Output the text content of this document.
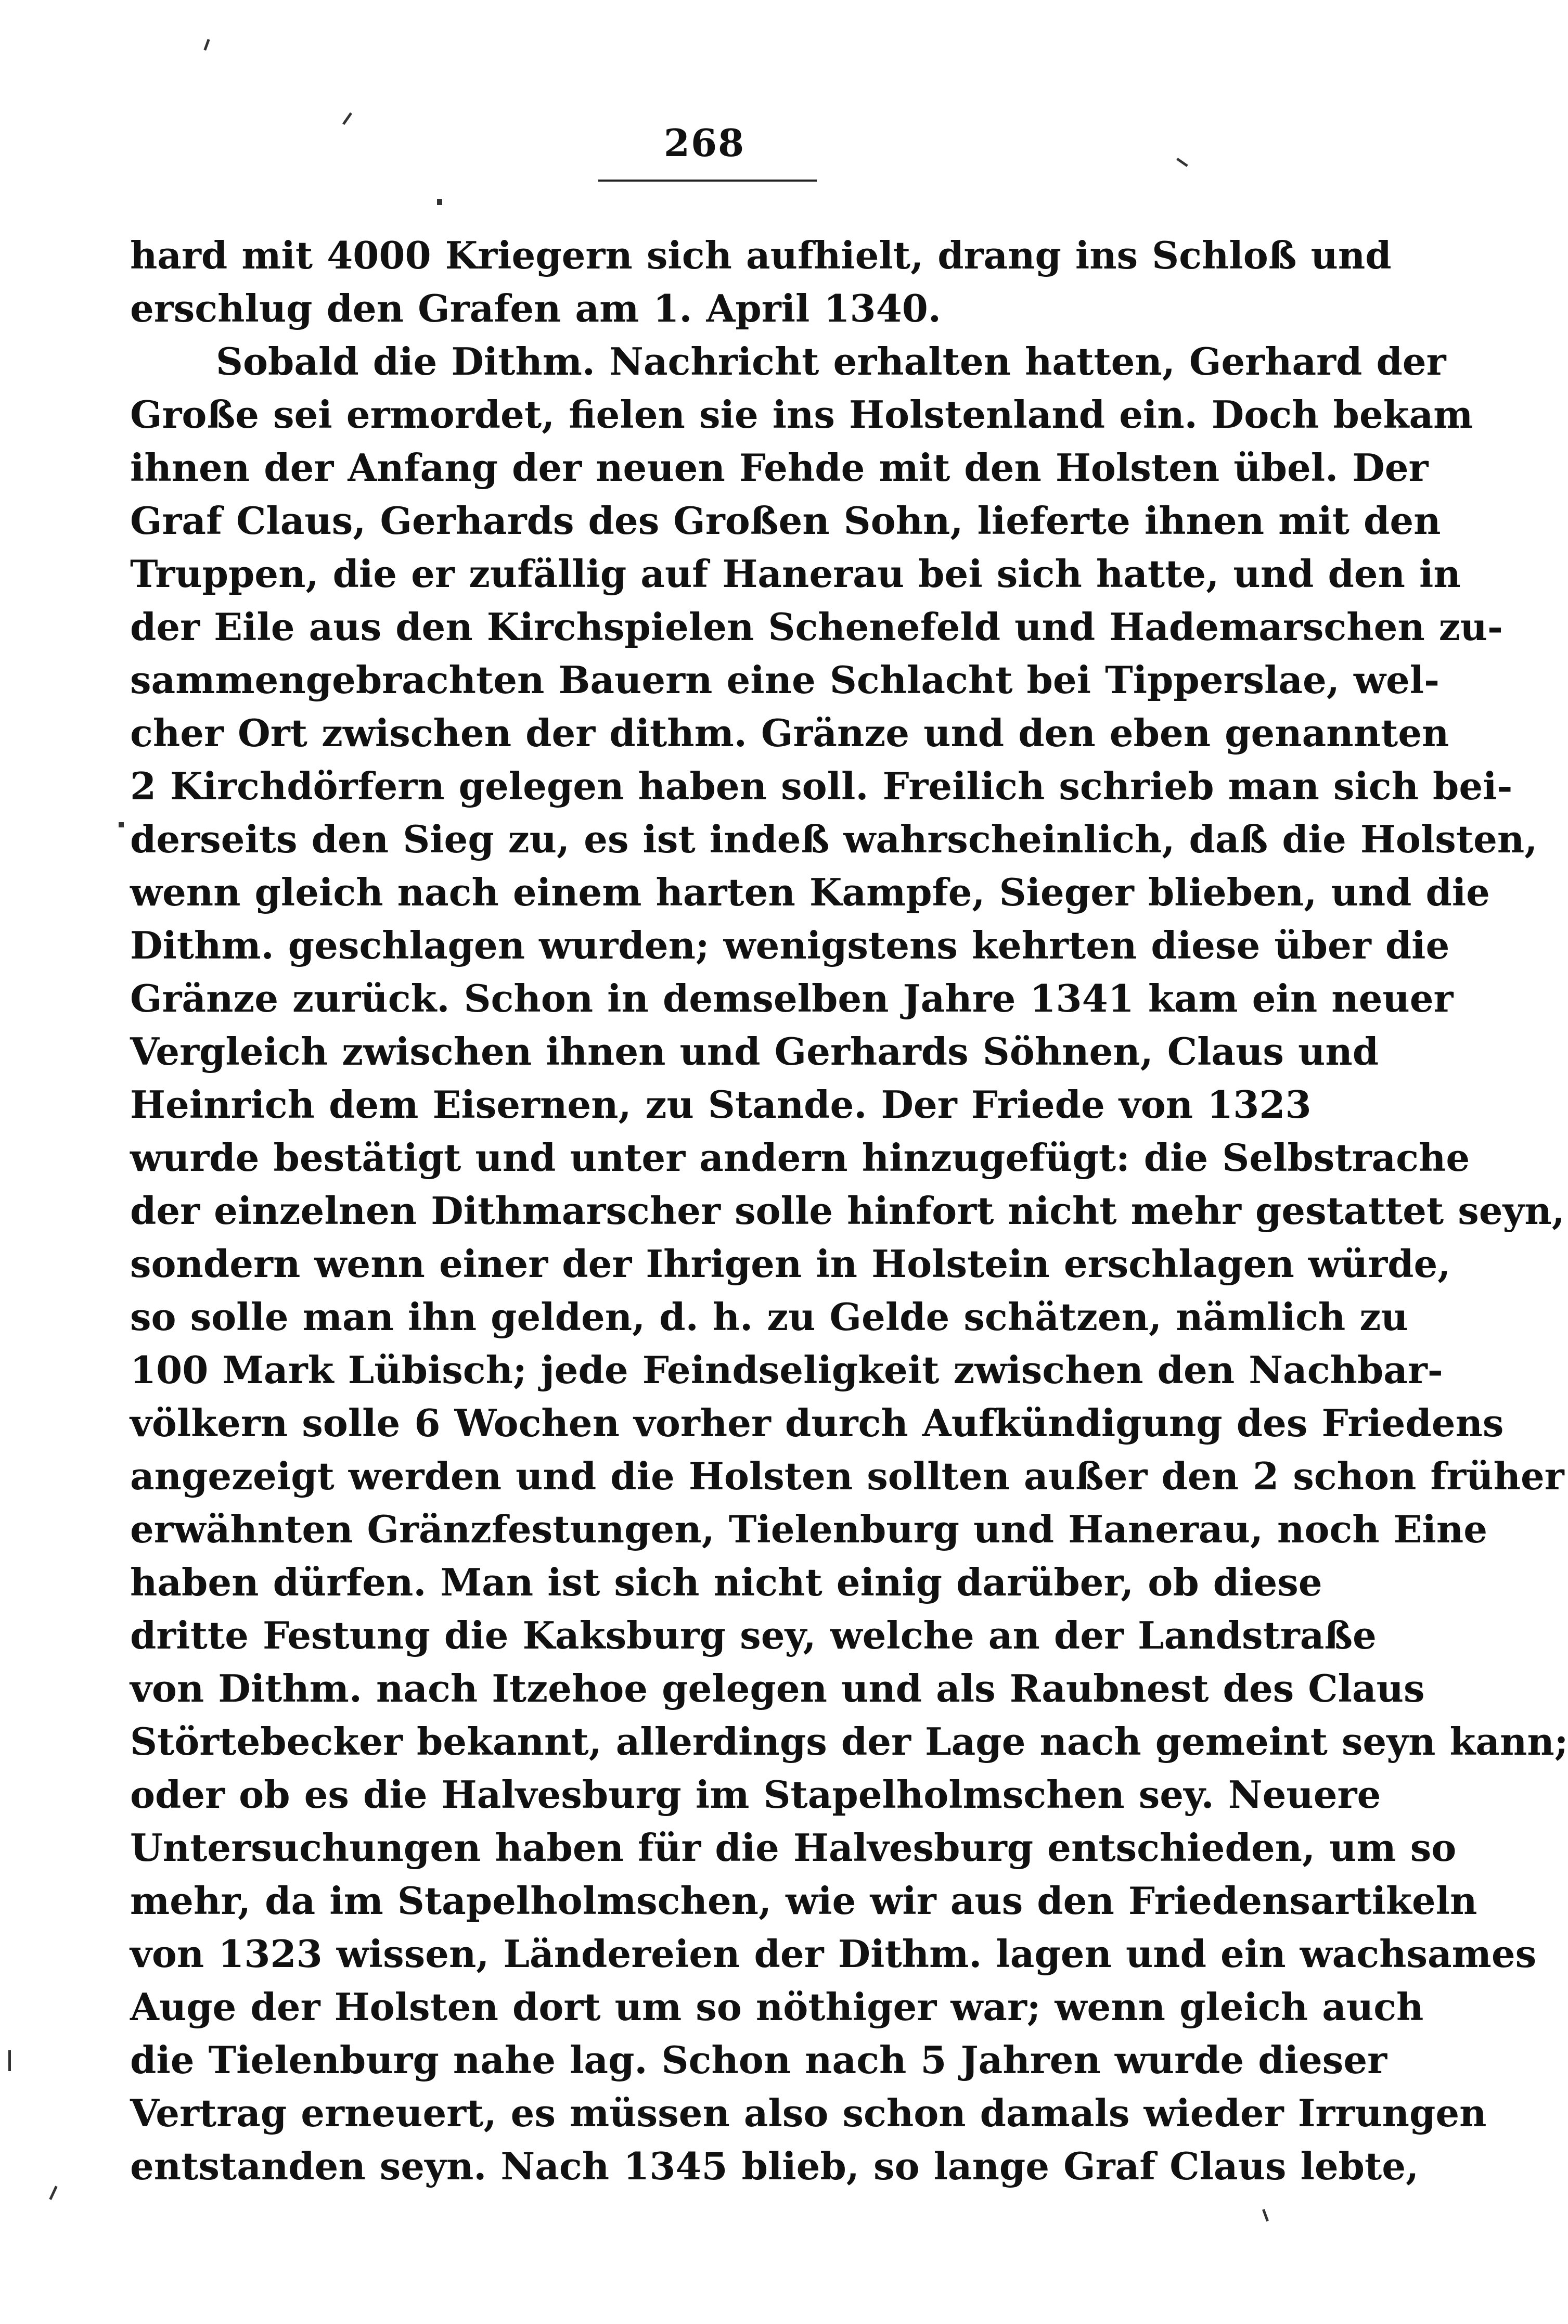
268
hard mit 4000 Kriegern sich aufhielt, drang ins Schloß und
erschlug den Grafen am 1. April 1340.
Sobald die Dithm. Nachricht erhalten hatten, Gerhard der
Große sei ermordet, fielen sie ins Holstenland ein. Doch bekam
ihnen der Anfang der neuen Fehde mit den Holsten übel. Der
Graf Claus, Gerhards des Großen Sohn, lieferte ihnen mit den
Truppen, die er zufällig auf Hanerau bei sich hatte, und den in
der Eile aus den Kirchspielen Schenefeld und Hademarschen zu-
sammengebrachten Bauern eine Schlacht bei Tipperslae, wel-
cher Ort zwischen der dithm. Gränze und den eben genannten
2 Kirchdörfern gelegen haben soll. Freilich schrieb man sich bei-
derseits den Sieg zu, es ist indeß wahrscheinlich, daß die Holsten,
wenn gleich nach einem harten Kampfe, Sieger blieben, und die
Dithm. geschlagen wurden; wenigstens kehrten diese über die
Gränze zurück. Schon in demselben Jahre 1341 kam ein neuer
Vergleich zwischen ihnen und Gerhards Söhnen, Claus und
Heinrich dem Eisernen, zu Stande. Der Friede von 1323
wurde bestätigt und unter andern hinzugefügt: die Selbstrache
der einzelnen Dithmarscher solle hinfort nicht mehr gestattet seyn,
sondern wenn einer der Ihrigen in Holstein erschlagen würde,
so solle man ihn gelden, d. h. zu Gelde schätzen, nämlich zu
100 Mark Lübisch; jede Feindseligkeit zwischen den Nachbar-
völkern solle 6 Wochen vorher durch Aufkündigung des Friedens
angezeigt werden und die Holsten sollten außer den 2 schon früher
erwähnten Gränzfestungen, Tielenburg und Hanerau, noch Eine
haben dürfen. Man ist sich nicht einig darüber, ob diese
dritte Festung die Kaksburg sey, welche an der Landstraße
von Dithm. nach Itzehoe gelegen und als Raubnest des Claus
Störtebecker bekannt, allerdings der Lage nach gemeint seyn kann;
oder ob es die Halvesburg im Stapelholmschen sey. Neuere
Untersuchungen haben für die Halvesburg entschieden, um so
mehr, da im Stapelholmschen, wie wir aus den Friedensartikeln
von 1323 wissen, Ländereien der Dithm. lagen und ein wachsames
Auge der Holsten dort um so nöthiger war; wenn gleich auch
die Tielenburg nahe lag. Schon nach 5 Jahren wurde dieser
Vertrag erneuert, es müssen also schon damals wieder Irrungen
entstanden seyn. Nach 1345 blieb, so lange Graf Claus lebte,
